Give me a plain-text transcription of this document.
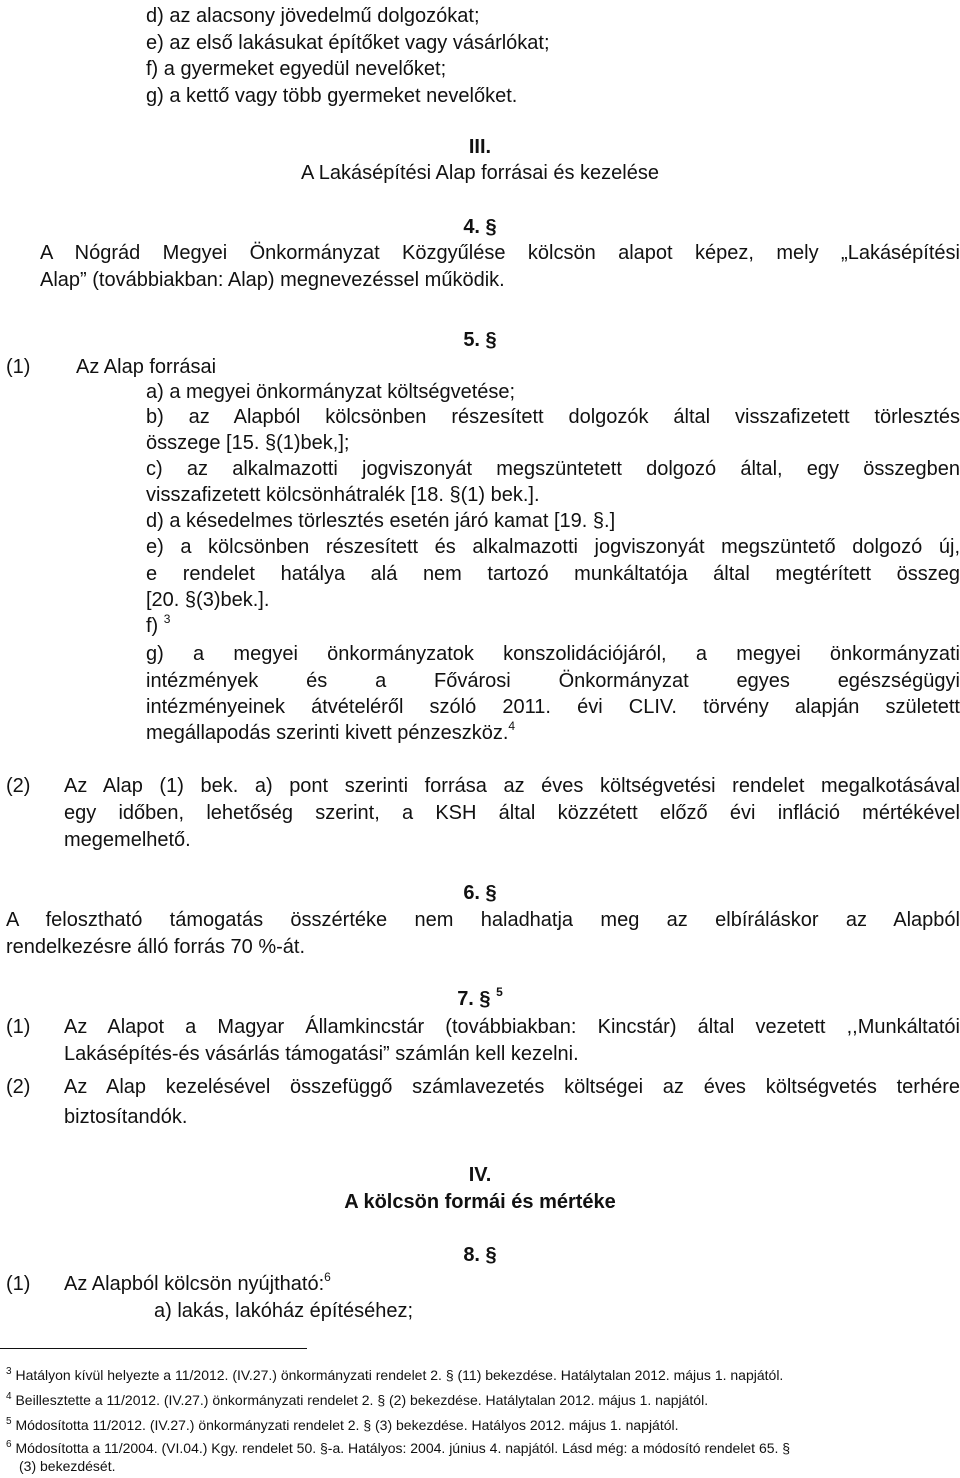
d) az alacsony jövedelmű dolgozókat;
e) az első lakásukat építőket vagy vásárlókat;
f) a gyermeket egyedül nevelőket;
g) a kettő vagy több gyermeket nevelőket.
III.
A Lakásépítési Alap forrásai és kezelése
4. §
A Nógrád Megyei Önkormányzat Közgyűlése kölcsön alapot képez, mely „Lakásépítési
Alap” (továbbiakban: Alap) megnevezéssel működik.
5. §
(1) Az Alap forrásai
a) a megyei önkormányzat költségvetése;
b) az Alapból kölcsönben részesített dolgozók által visszafizetett törlesztés
összege [15. §(1)bek,];
c) az alkalmazotti jogviszonyát megszüntetett dolgozó által, egy összegben
visszafizetett kölcsönhátralék [18. §(1) bek.].
d) a késedelmes törlesztés esetén járó kamat [19. §.]
e) a kölcsönben részesített és alkalmazotti jogviszonyát megszüntető dolgozó új,
e rendelet hatálya alá nem tartozó munkáltatója által megtérített összeg
[20. §(3)bek.].
f) $^3$
g) a megyei önkormányzatok konszolidációjáról, a megyei önkormányzati
intézmények és a Fővárosi Önkormányzat egyes egészségügyi
intézményeinek átvételéről szóló 2011. évi CLIV. törvény alapján született
megállapodás szerinti kivett pénzeszköz.$^4$
(2) Az Alap (1) bek. a) pont szerinti forrása az éves költségvetési rendelet megalkotásával
egy időben, lehetőség szerint, a KSH által közzétett előző évi infláció mértékével
megemelhető.
6. §
A felosztható támogatás összértéke nem haladhatja meg az elbíráláskor az Alapból
rendelkezésre álló forrás 70 %-át.
7. § $^5$
(1) Az Alapot a Magyar Államkincstár (továbbiakban: Kincstár) által vezetett ,,Munkáltatói
Lakásépítés-és vásárlás támogatási” számlán kell kezelni.
(2) Az Alap kezelésével összefüggő számlavezetés költségei az éves költségvetés terhére
biztosítandók.
IV.
A kölcsön formái és mértéke
8. §
(1) Az Alapból kölcsön nyújtható:$^6$
a) lakás, lakóház építéséhez;
$^3$ Hatályon kívül helyezte a 11/2012. (IV.27.) önkormányzati rendelet 2. § (11) bekezdése. Hatálytalan 2012. május 1. napjától.
$^4$ Beillesztette a 11/2012. (IV.27.) önkormányzati rendelet 2. § (2) bekezdése. Hatálytalan 2012. május 1. napjától.
$^5$ Módosította 11/2012. (IV.27.) önkormányzati rendelet 2. § (3) bekezdése. Hatályos 2012. május 1. napjától.
$^6$ Módosította a 11/2004. (VI.04.) Kgy. rendelet 50. §-a. Hatályos: 2004. június 4. napjától. Lásd még: a módosító rendelet 65. §
(3) bekezdését.
